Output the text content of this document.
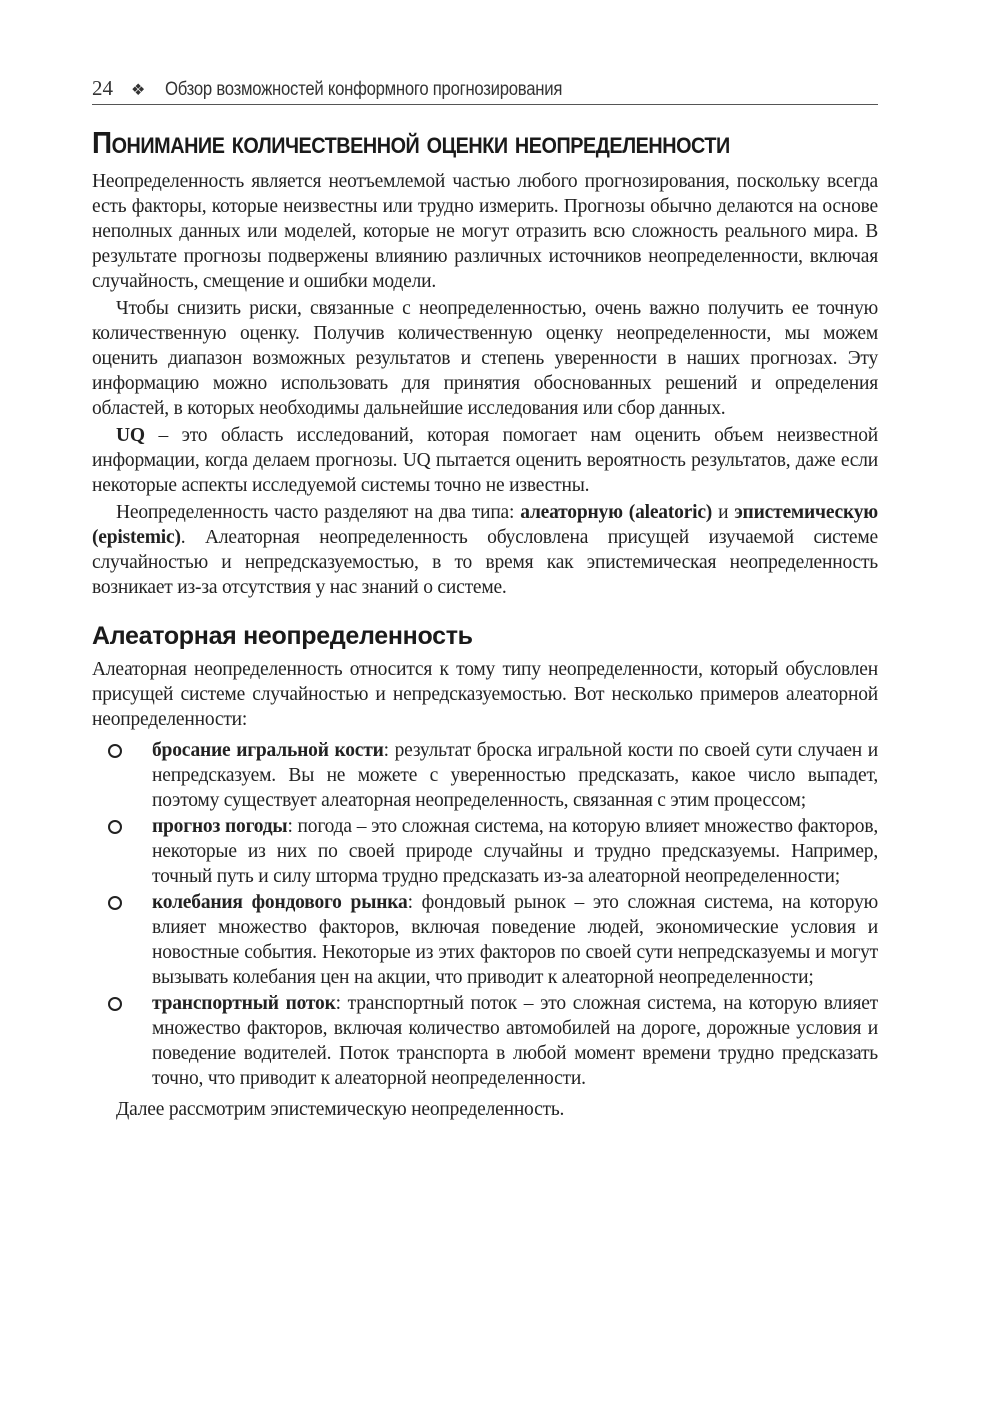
24 ❖ Обзор возможностей конформного прогнозирования
Понимание количественной оценки неопределенности

Неопределенность является неотъемлемой частью любого прогнозирования, поскольку всегда есть факторы, которые неизвестны или трудно измерить. Прогнозы обычно делаются на основе неполных данных или моделей, которые не могут отразить всю сложность реального мира. В результате прогнозы подвержены влиянию различных источников неопределенности, включая случайность, смещение и ошибки модели.

Чтобы снизить риски, связанные с неопределенностью, очень важно получить ее точную количественную оценку. Получив количественную оценку неопределенности, мы можем оценить диапазон возможных результатов и степень уверенности в наших прогнозах. Эту информацию можно использовать для принятия обоснованных решений и определения областей, в которых необходимы дальнейшие исследования или сбор данных.

UQ – это область исследований, которая помогает нам оценить объем неизвестной информации, когда делаем прогнозы. UQ пытается оценить вероятность результатов, даже если некоторые аспекты исследуемой системы точно не известны.

Неопределенность часто разделяют на два типа: алеаторную (aleatoric) и эпистемическую (epistemic). Алеаторная неопределенность обусловлена присущей изучаемой системе случайностью и непредсказуемостью, в то время как эпистемическая неопределенность возникает из-за отсутствия у нас знаний о системе.

Алеаторная неопределенность

Алеаторная неопределенность относится к тому типу неопределенности, который обусловлен присущей системе случайностью и непредсказуемостью. Вот несколько примеров алеаторной неопределенности:

бросание игральной кости: результат броска игральной кости по своей сути случаен и непредсказуем. Вы не можете с уверенностью предсказать, какое число выпадет, поэтому существует алеаторная неопределенность, связанная с этим процессом;
прогноз погоды: погода – это сложная система, на которую влияет множество факторов, некоторые из них по своей природе случайны и трудно предсказуемы. Например, точный путь и силу шторма трудно предсказать из-за алеаторной неопределенности;
колебания фондового рынка: фондовый рынок – это сложная система, на которую влияет множество факторов, включая поведение людей, экономические условия и новостные события. Некоторые из этих факторов по своей сути непредсказуемы и могут вызывать колебания цен на акции, что приводит к алеаторной неопределенности;
транспортный поток: транспортный поток – это сложная система, на которую влияет множество факторов, включая количество автомобилей на дороге, дорожные условия и поведение водителей. Поток транспорта в любой момент времени трудно предсказать точно, что приводит к алеаторной неопределенности.

Далее рассмотрим эпистемическую неопределенность.
